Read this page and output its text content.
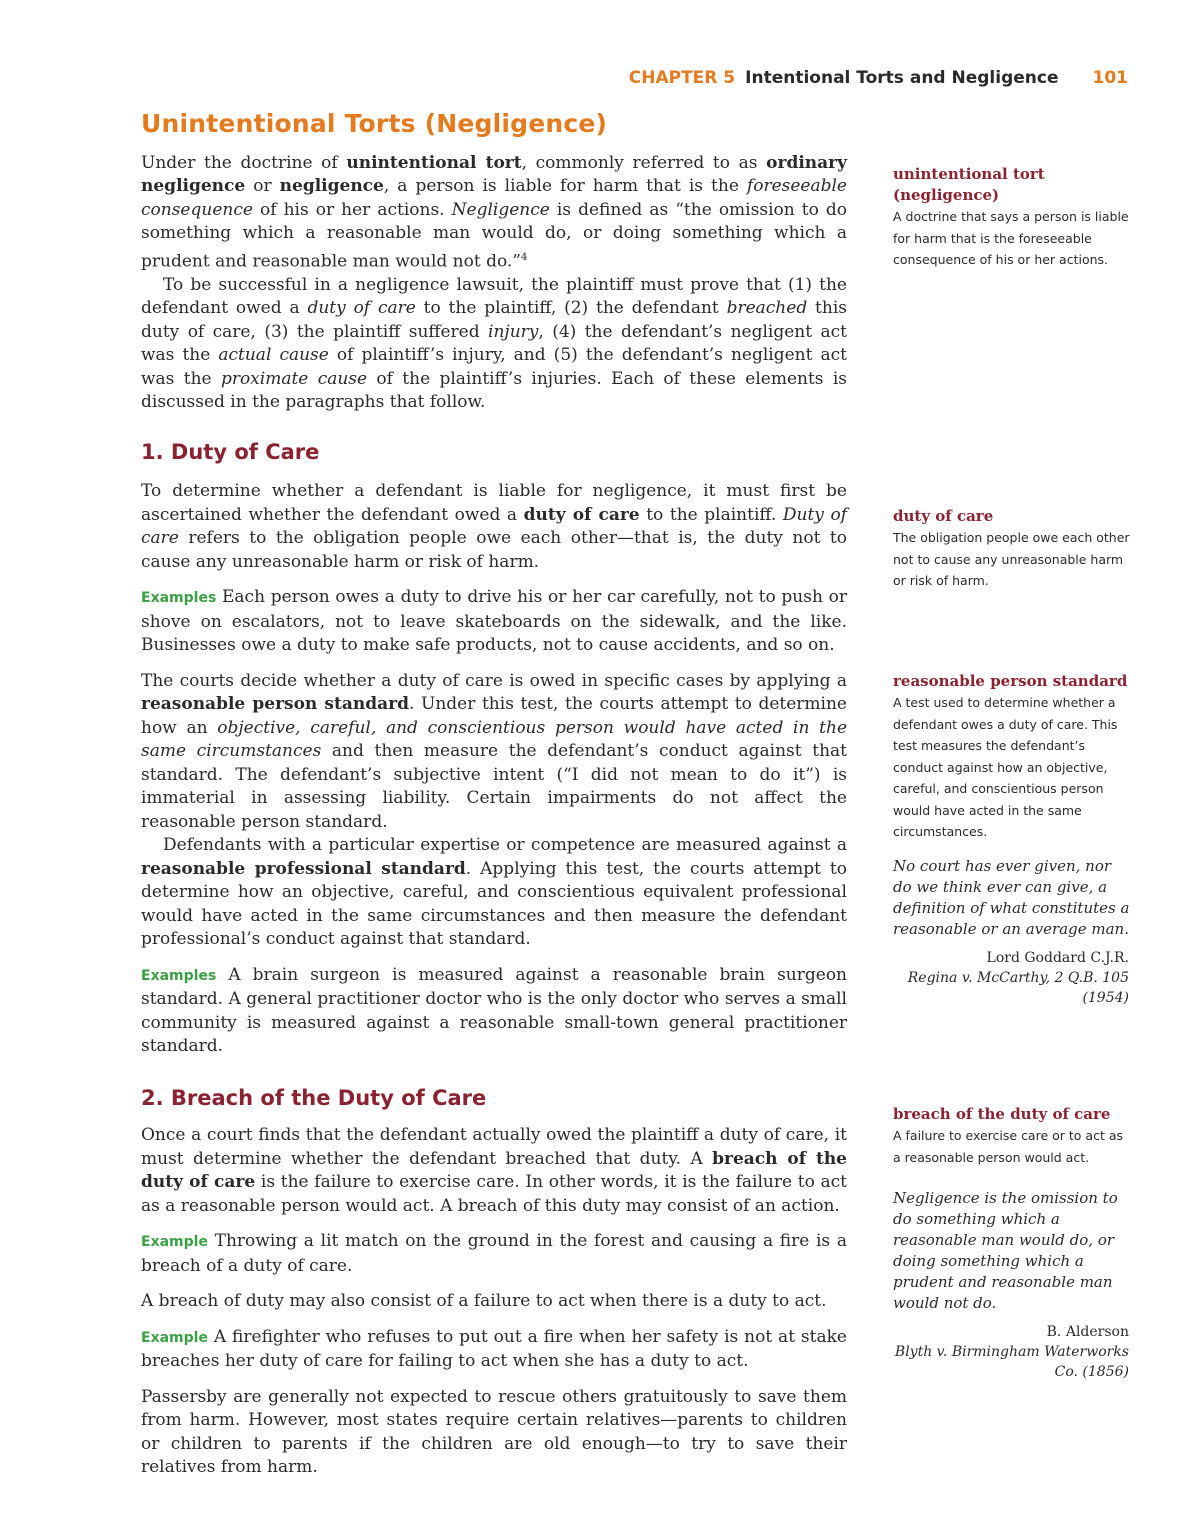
CHAPTER 5 Intentional Torts and Negligence 101
Unintentional Torts (Negligence)

Under the doctrine of unintentional tort, commonly referred to as ordinary negligence or negligence, a person is liable for harm that is the foreseeable consequence of his or her actions. Negligence is defined as “the omission to do something which a reasonable man would do, or doing something which a prudent and reasonable man would not do.”$^4$

To be successful in a negligence lawsuit, the plaintiff must prove that (1) the defendant owed a duty of care to the plaintiff, (2) the defendant breached this duty of care, (3) the plaintiff suffered injury, (4) the defendant’s negligent act was the actual cause of plaintiff’s injury, and (5) the defendant’s negligent act was the proximate cause of the plaintiff’s injuries. Each of these elements is discussed in the paragraphs that follow.

1. Duty of Care

To determine whether a defendant is liable for negligence, it must first be ascertained whether the defendant owed a duty of care to the plaintiff. Duty of care refers to the obligation people owe each other—that is, the duty not to cause any unreasonable harm or risk of harm.

Examples Each person owes a duty to drive his or her car carefully, not to push or shove on escalators, not to leave skateboards on the sidewalk, and the like. Businesses owe a duty to make safe products, not to cause accidents, and so on.

The courts decide whether a duty of care is owed in specific cases by applying a reasonable person standard. Under this test, the courts attempt to determine how an objective, careful, and conscientious person would have acted in the same circumstances and then measure the defendant’s conduct against that standard. The defendant’s subjective intent (“I did not mean to do it”) is immaterial in assessing liability. Certain impairments do not affect the reasonable person standard.

Defendants with a particular expertise or competence are measured against a reasonable professional standard. Applying this test, the courts attempt to determine how an objective, careful, and conscientious equivalent professional would have acted in the same circumstances and then measure the defendant professional’s conduct against that standard.

Examples A brain surgeon is measured against a reasonable brain surgeon standard. A general practitioner doctor who is the only doctor who serves a small community is measured against a reasonable small-town general practitioner standard.

2. Breach of the Duty of Care

Once a court finds that the defendant actually owed the plaintiff a duty of care, it must determine whether the defendant breached that duty. A breach of the duty of care is the failure to exercise care. In other words, it is the failure to act as a reasonable person would act. A breach of this duty may consist of an action.

Example Throwing a lit match on the ground in the forest and causing a fire is a breach of a duty of care.

A breach of duty may also consist of a failure to act when there is a duty to act.

Example A firefighter who refuses to put out a fire when her safety is not at stake breaches her duty of care for failing to act when she has a duty to act.

Passersby are generally not expected to rescue others gratuitously to save them from harm. However, most states require certain relatives—parents to children or children to parents if the children are old enough—to try to save their relatives from harm.

unintentional tort (negligence)
A doctrine that says a person is liable for harm that is the foreseeable consequence of his or her actions.
duty of care
The obligation people owe each other not to cause any unreasonable harm or risk of harm.
reasonable person standard
A test used to determine whether a defendant owes a duty of care. This test measures the defendant’s conduct against how an objective, careful, and conscientious person would have acted in the same circumstances.
No court has ever given, nor do we think ever can give, a definition of what constitutes a reasonable or an average man.
Lord Goddard C.J.R.
Regina v. McCarthy, 2 Q.B. 105 (1954)
breach of the duty of care
A failure to exercise care or to act as a reasonable person would act.
Negligence is the omission to do something which a reasonable man would do, or doing something which a prudent and reasonable man would not do.
B. Alderson
Blyth v. Birmingham Waterworks Co. (1856)
